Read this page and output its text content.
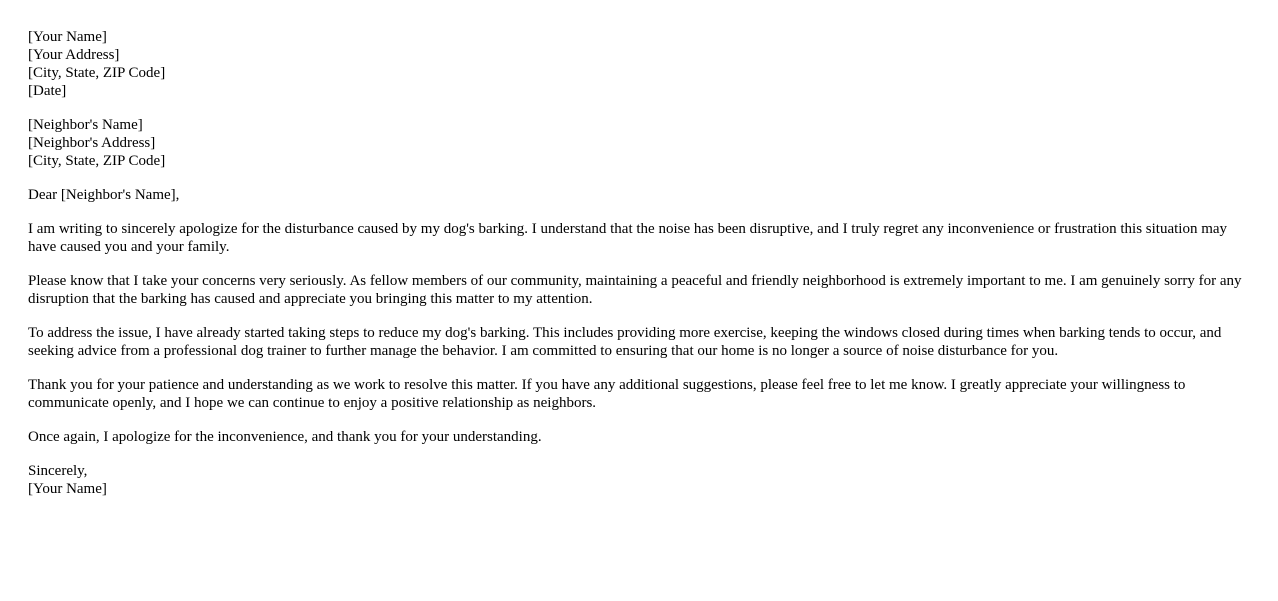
[Your Name]
[Your Address]
[City, State, ZIP Code]
[Date]
[Neighbor's Name]
[Neighbor's Address]
[City, State, ZIP Code]

Dear [Neighbor's Name],

I am writing to sincerely apologize for the disturbance caused by my dog's barking. I understand that the noise has been disruptive, and I truly regret any inconvenience or frustration this situation may have caused you and your family.

Please know that I take your concerns very seriously. As fellow members of our community, maintaining a peaceful and friendly neighborhood is extremely important to me. I am genuinely sorry for any disruption that the barking has caused and appreciate you bringing this matter to my attention.

To address the issue, I have already started taking steps to reduce my dog's barking. This includes providing more exercise, keeping the windows closed during times when barking tends to occur, and seeking advice from a professional dog trainer to further manage the behavior. I am committed to ensuring that our home is no longer a source of noise disturbance for you.

Thank you for your patience and understanding as we work to resolve this matter. If you have any additional suggestions, please feel free to let me know. I greatly appreciate your willingness to communicate openly, and I hope we can continue to enjoy a positive relationship as neighbors.

Once again, I apologize for the inconvenience, and thank you for your understanding.

Sincerely,
[Your Name]
